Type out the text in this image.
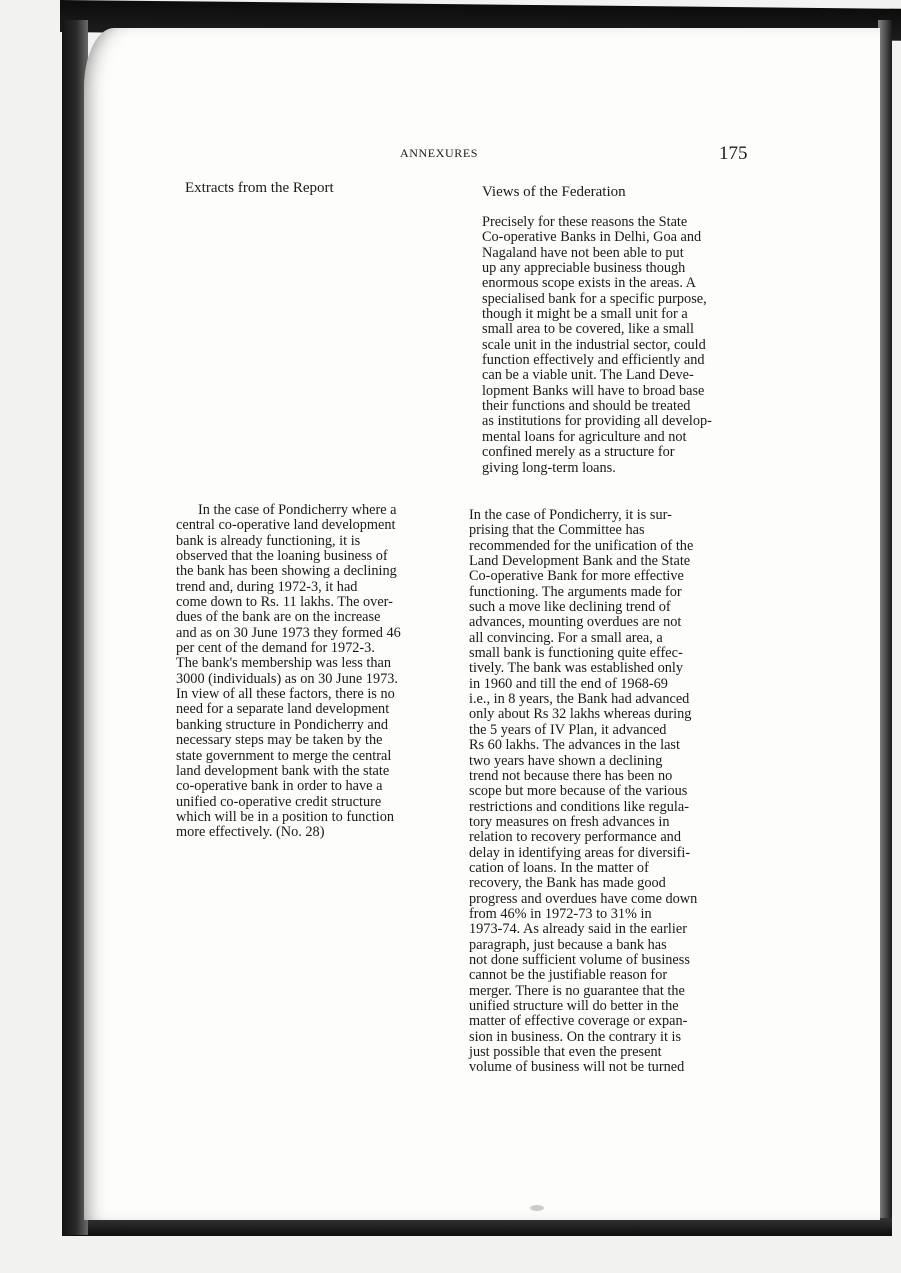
ANNEXURES	175
Extracts from the Report	Views of the Federation
Precisely for these reasons the State
Co-operative Banks in Delhi, Goa and
Nagaland have not been able to put
up any appreciable business though
enormous scope exists in the areas. A
specialised bank for a specific purpose,
though it might be a small unit for a
small area to be covered, like a small
scale unit in the industrial sector, could
function effectively and efficiently and
can be a viable unit. The Land Deve-
lopment Banks will have to broad base
their functions and should be treated
as institutions for providing all develop-
mental loans for agriculture and not
confined merely as a structure for
giving long-term loans.
In the case of Pondicherry where a
central co-operative land development
bank is already functioning, it is
observed that the loaning business of
the bank has been showing a declining
trend and, during 1972-3, it had
come down to Rs. 11 lakhs. The over-
dues of the bank are on the increase
and as on 30 June 1973 they formed 46
per cent of the demand for 1972-3.
The bank's membership was less than
3000 (individuals) as on 30 June 1973.
In view of all these factors, there is no
need for a separate land development
banking structure in Pondicherry and
necessary steps may be taken by the
state government to merge the central
land development bank with the state
co-operative bank in order to have a
unified co-operative credit structure
which will be in a position to function
more effectively. (No. 28)
In the case of Pondicherry, it is sur-
prising that the Committee has
recommended for the unification of the
Land Development Bank and the State
Co-operative Bank for more effective
functioning. The arguments made for
such a move like declining trend of
advances, mounting overdues are not
all convincing. For a small area, a
small bank is functioning quite effec-
tively. The bank was established only
in 1960 and till the end of 1968-69
i.e., in 8 years, the Bank had advanced
only about Rs 32 lakhs whereas during
the 5 years of IV Plan, it advanced
Rs 60 lakhs. The advances in the last
two years have shown a declining
trend not because there has been no
scope but more because of the various
restrictions and conditions like regula-
tory measures on fresh advances in
relation to recovery performance and
delay in identifying areas for diversifi-
cation of loans. In the matter of
recovery, the Bank has made good
progress and overdues have come down
from 46% in 1972-73 to 31% in
1973-74. As already said in the earlier
paragraph, just because a bank has
not done sufficient volume of business
cannot be the justifiable reason for
merger. There is no guarantee that the
unified structure will do better in the
matter of effective coverage or expan-
sion in business. On the contrary it is
just possible that even the present
volume of business will not be turned
